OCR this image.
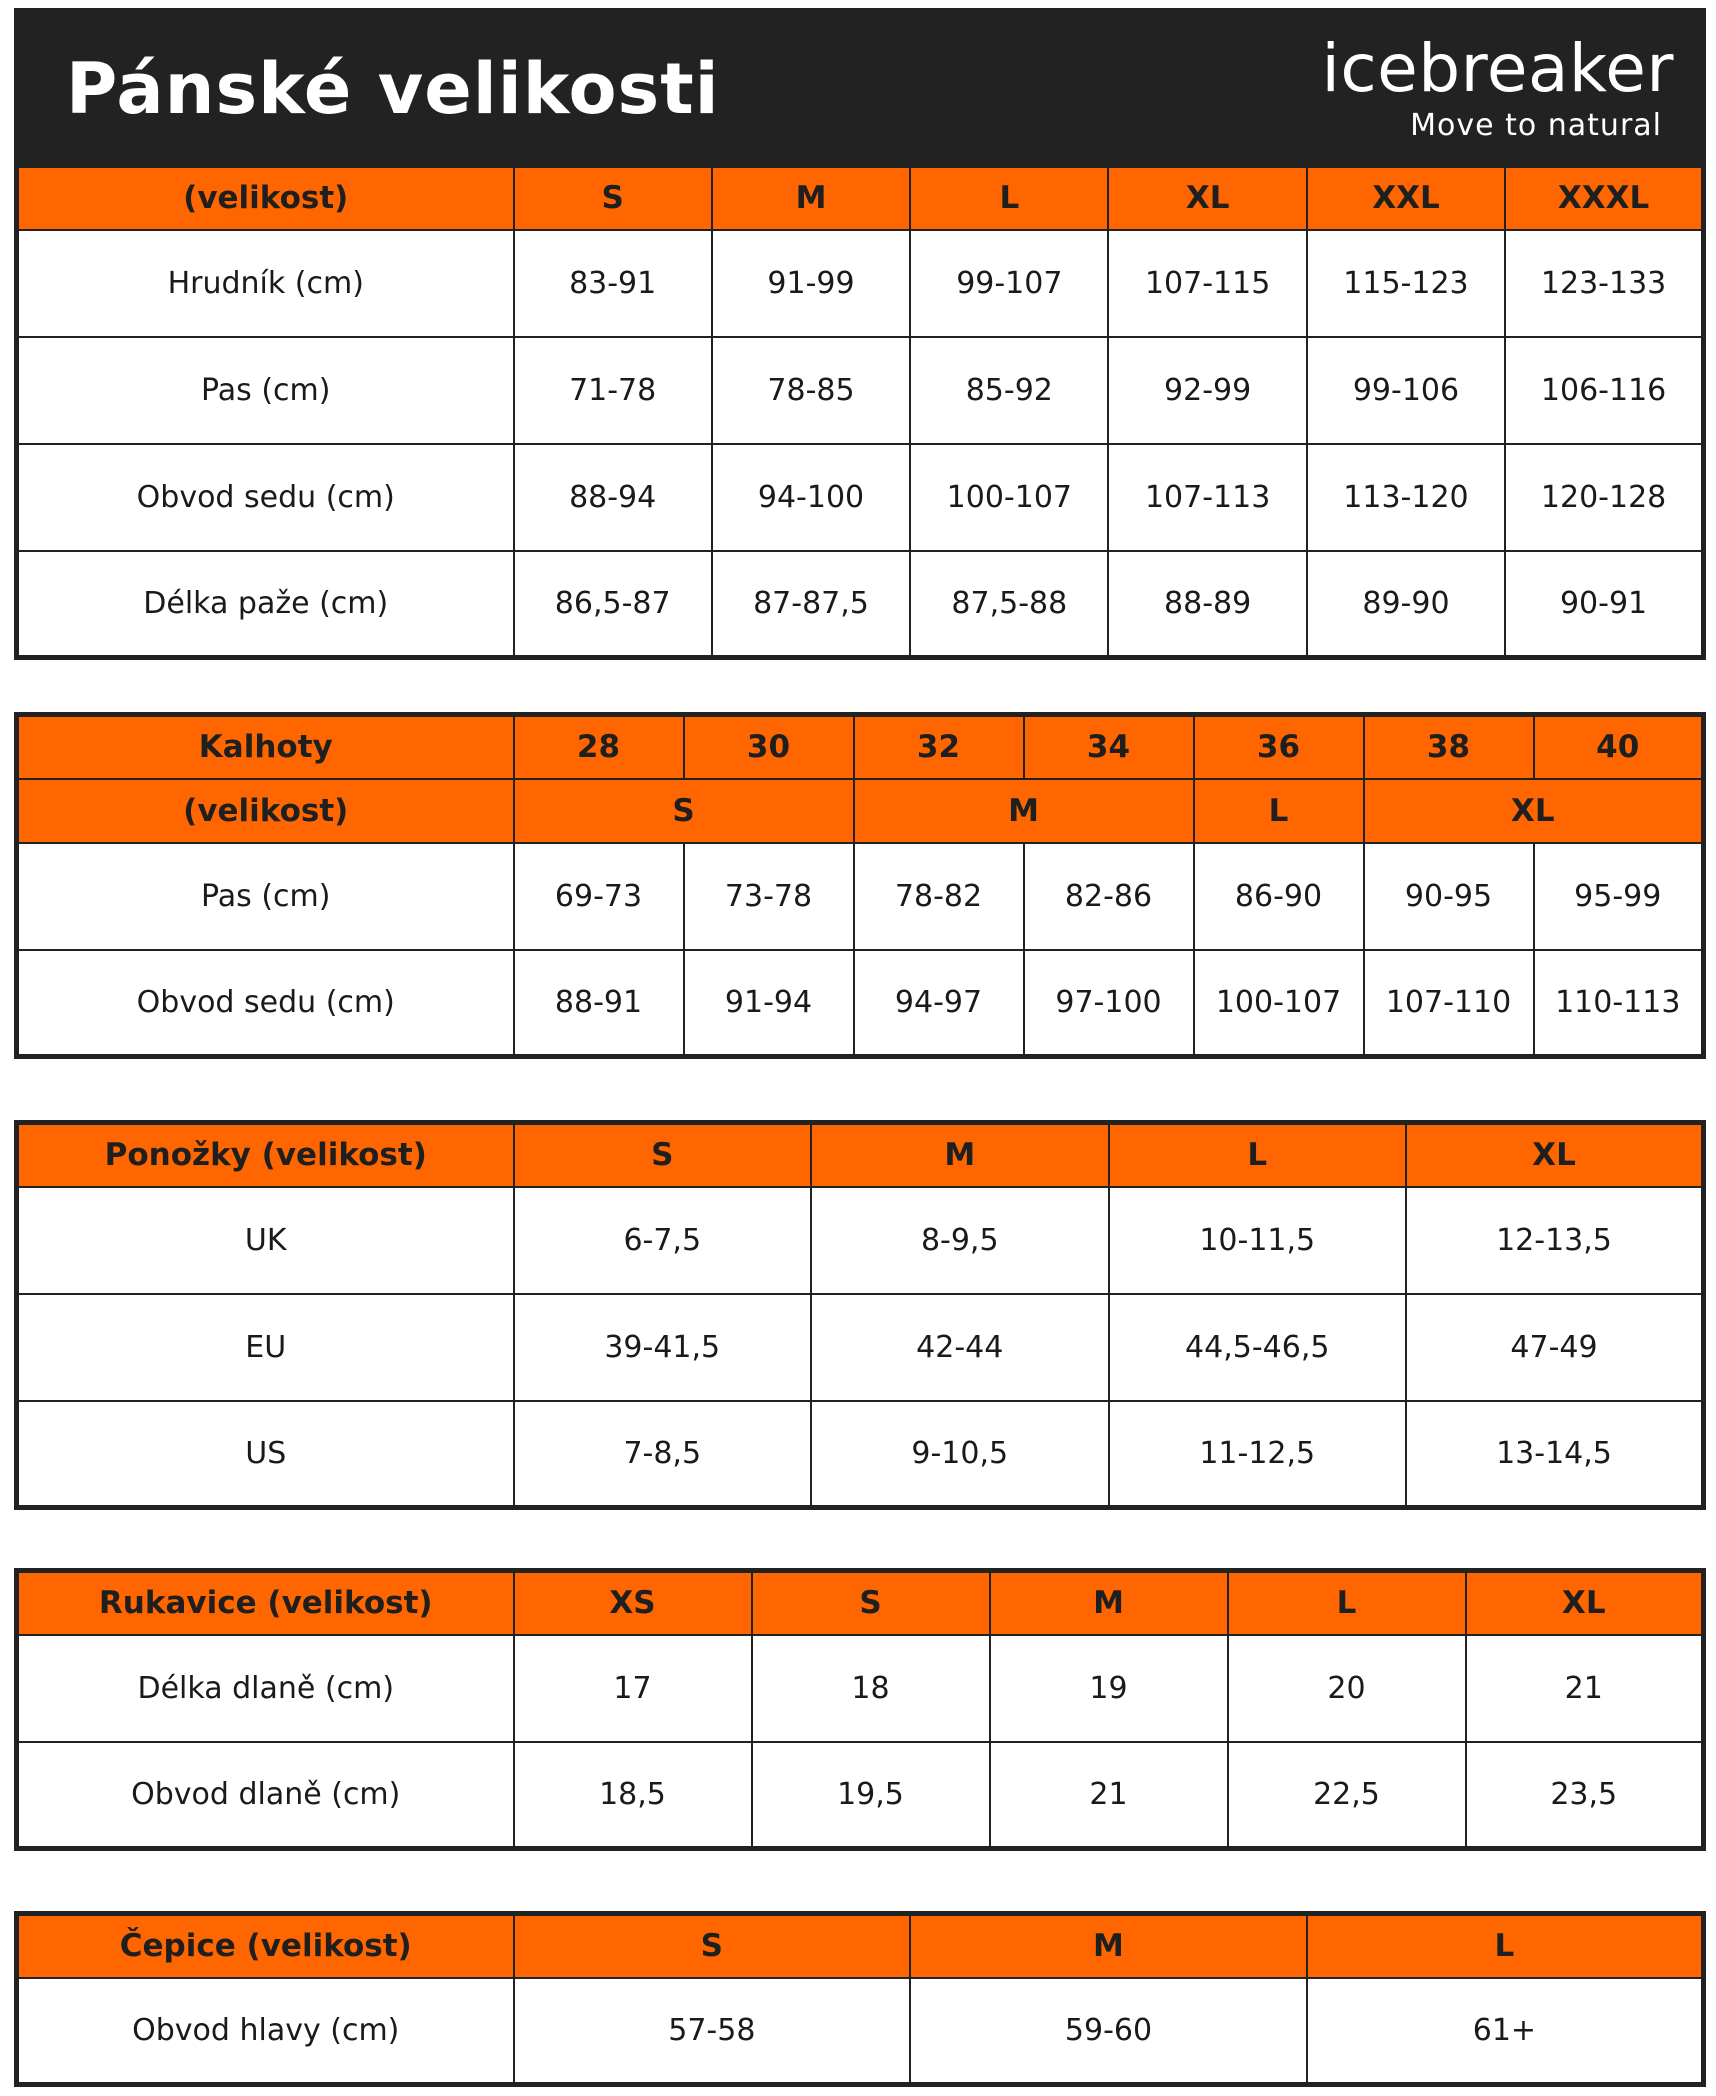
Pánské velikosti	icebreaker
Move to natural
(velikost)	S	M	L	XL	XXL	XXXL
Hrudník (cm)	83-91	91-99	99-107	107-115	115-123	123-133
Pas (cm)	71-78	78-85	85-92	92-99	99-106	106-116
Obvod sedu (cm)	88-94	94-100	100-107	107-113	113-120	120-128
Délka paže (cm)	86,5-87	87-87,5	87,5-88	88-89	89-90	90-91
Kalhoty	28	30	32	34	36	38	40
(velikost)	S		M		L	XL	
Pas (cm)	69-73	73-78	78-82	82-86	86-90	90-95	95-99
Obvod sedu (cm)	88-91	91-94	94-97	97-100	100-107	107-110	110-113
Ponožky (velikost)	S	M	L	XL
UK	6-7,5	8-9,5	10-11,5	12-13,5
EU	39-41,5	42-44	44,5-46,5	47-49
US	7-8,5	9-10,5	11-12,5	13-14,5
Rukavice (velikost)	XS	S	M	L	XL
Délka dlaně (cm)	17	18	19	20	21
Obvod dlaně (cm)	18,5	19,5	21	22,5	23,5
Čepice (velikost)	S	M	L
Obvod hlavy (cm)	57-58	59-60	61+
